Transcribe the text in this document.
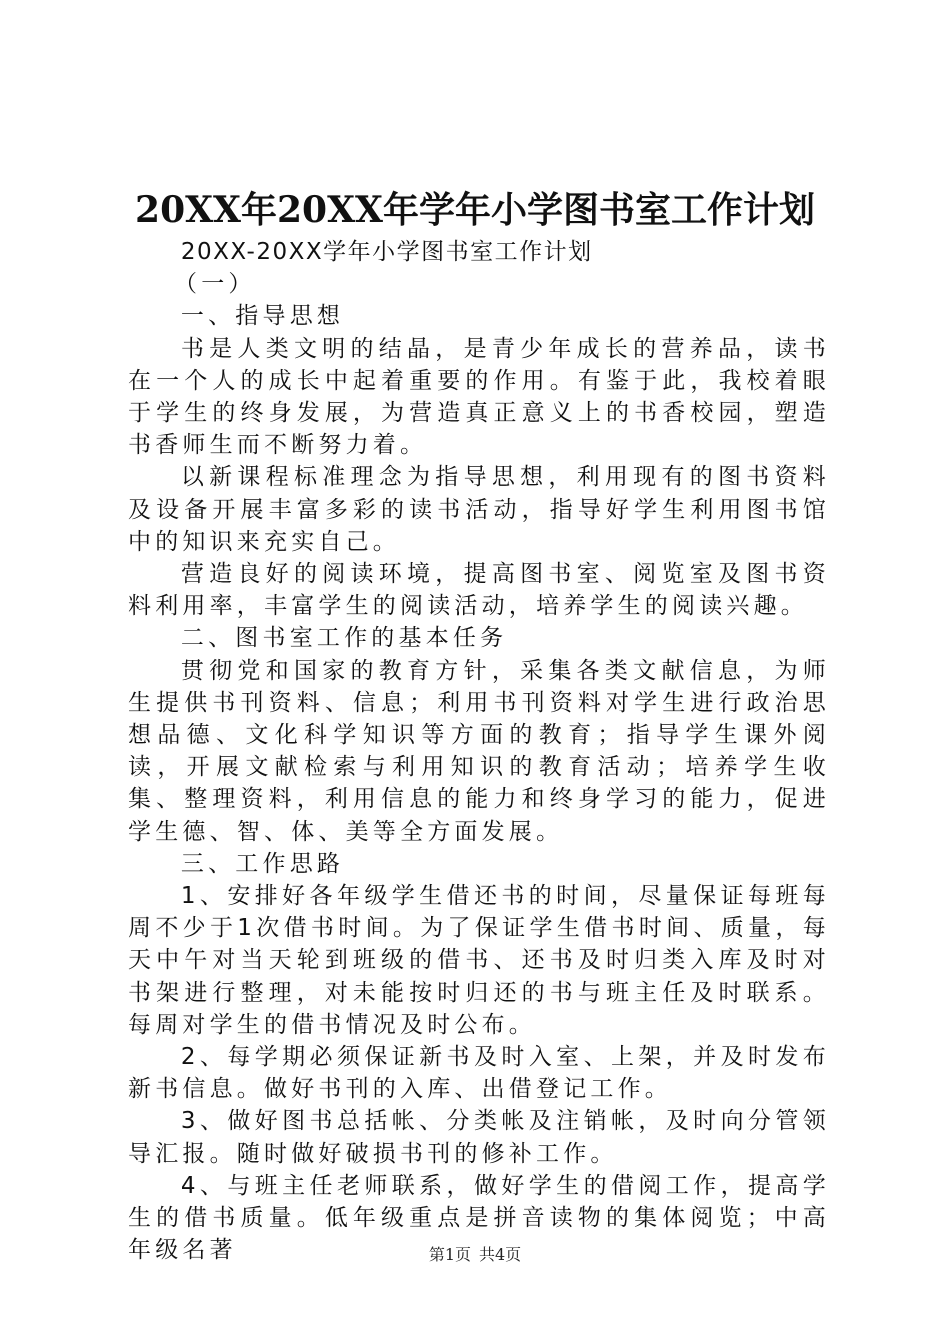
20XX年20XX年学年小学图书室工作计划

20XX-20XX学年小学图书室工作计划

（一）

一、指导思想

书是人类文明的结晶，是青少年成长的营养品，读书在一个人的成长中起着重要的作用。有鉴于此，我校着眼于学生的终身发展，为营造真正意义上的书香校园，塑造书香师生而不断努力着。

以新课程标准理念为指导思想，利用现有的图书资料及设备开展丰富多彩的读书活动，指导好学生利用图书馆中的知识来充实自己。

营造良好的阅读环境，提高图书室、阅览室及图书资料利用率，丰富学生的阅读活动，培养学生的阅读兴趣。

二、图书室工作的基本任务

贯彻党和国家的教育方针，采集各类文献信息，为师生提供书刊资料、信息；利用书刊资料对学生进行政治思想品德、文化科学知识等方面的教育；指导学生课外阅读，开展文献检索与利用知识的教育活动；培养学生收集、整理资料，利用信息的能力和终身学习的能力，促进学生德、智、体、美等全方面发展。

三、工作思路

1、安排好各年级学生借还书的时间，尽量保证每班每周不少于1次借书时间。为了保证学生借书时间、质量，每天中午对当天轮到班级的借书、还书及时归类入库及时对书架进行整理，对未能按时归还的书与班主任及时联系。每周对学生的借书情况及时公布。

2、每学期必须保证新书及时入室、上架，并及时发布新书信息。做好书刊的入库、出借登记工作。

3、做好图书总括帐、分类帐及注销帐，及时向分管领导汇报。随时做好破损书刊的修补工作。

4、与班主任老师联系，做好学生的借阅工作，提高学生的借书质量。低年级重点是拼音读物的集体阅览；中高年级名著	第1页 共4页
